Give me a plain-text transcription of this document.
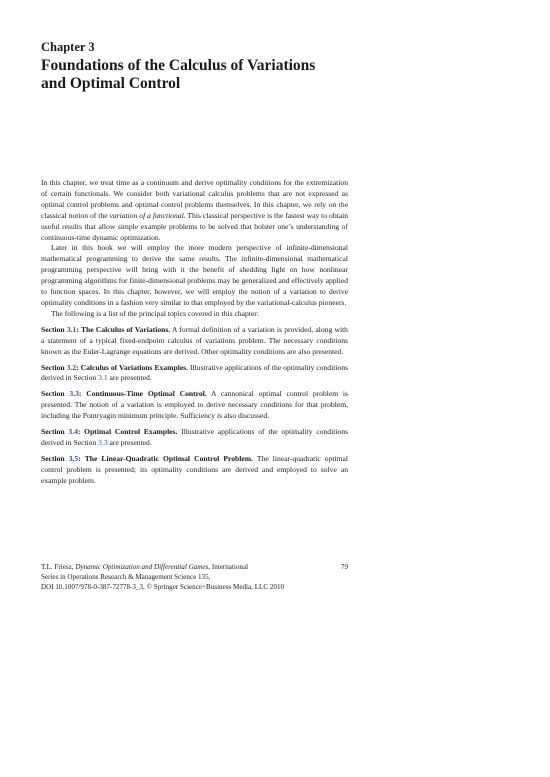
Chapter 3

Foundations of the Calculus of Variations
and Optimal Control

In this chapter, we treat time as a continuum and derive optimality conditions for the extremization of certain functionals. We consider both variational calculus problems that are not expressed as optimal control problems and optimal control problems themselves. In this chapter, we rely on the classical notion of the variation of a functional. This classical perspective is the fastest way to obtain useful results that allow simple example problems to be solved that bolster one’s understanding of continuous-time dynamic optimization.

Later in this book we will employ the more modern perspective of infinite-dimensional mathematical programming to derive the same results. The infinite-dimensional mathematical programming perspective will bring with it the benefit of shedding light on how nonlinear programming algorithms for finite-dimensional problems may be generalized and effectively applied to function spaces. In this chapter, however, we will employ the notion of a variation to derive optimality conditions in a fashion very similar to that employed by the variational-calculus pioneers.

The following is a list of the principal topics covered in this chapter:

Section 3.1: The Calculus of Variations. A formal definition of a variation is provided, along with a statement of a typical fixed-endpoint calculus of variations problem. The necessary conditions known as the Euler-Lagrange equations are derived. Other optimality conditions are also presented.

Section 3.2: Calculus of Variations Examples. Illustrative applications of the optimality conditions derived in Section 3.1 are presented.

Section 3.3: Continuous-Time Optimal Control. A cannonical optimal control problem is presented. The notion of a variation is employed to derive necessary conditions for that problem, including the Pontryagin minimum principle. Sufficiency is also discussed.

Section 3.4: Optimal Control Examples. Illustrative applications of the optimality conditions derived in Section 3.3 are presented.

Section 3.5: The Linear-Quadratic Optimal Control Problem. The linear-quadratic optimal control problem is presented; its optimality conditions are derived and employed to solve an example problem.

T.L. Friesz, Dynamic Optimization and Differential Games, International	79
Series in Operations Research & Management Science 135,
DOI 10.1007/978-0-387-72778-3_3, © Springer Science+Business Media, LLC 2010
